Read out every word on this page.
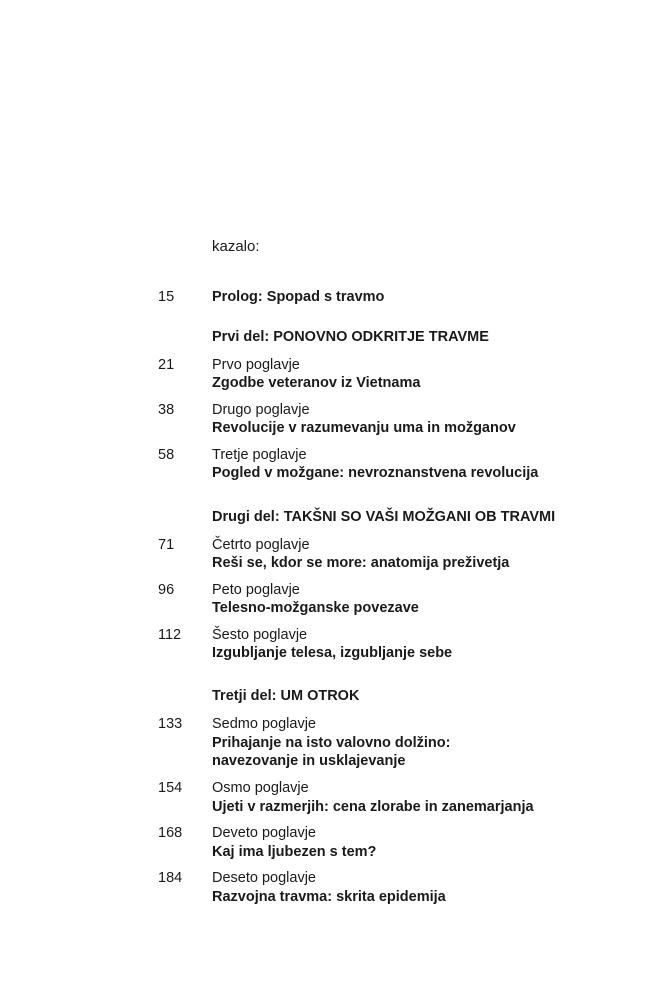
kazalo:
15	Prolog: Spopad s travmo
Prvi del: PONOVNO ODKRITJE TRAVME
21	Prvo poglavje
Zgodbe veteranov iz Vietnama
38	Drugo poglavje
Revolucije v razumevanju uma in možganov
58	Tretje poglavje
Pogled v možgane: nevroznanstvena revolucija
Drugi del: TAKŠNI SO VAŠI MOŽGANI OB TRAVMI
71	Četrto poglavje
Reši se, kdor se more: anatomija preživetja
96	Peto poglavje
Telesno-možganske povezave
112 Šesto poglavje
Izgubljanje telesa, izgubljanje sebe
Tretji del: UM OTROK
133 Sedmo poglavje
Prihajanje na isto valovno dolžino:
navezovanje in usklajevanje
154 Osmo poglavje
Ujeti v razmerjih: cena zlorabe in zanemarjanja
168 Deveto poglavje
Kaj ima ljubezen s tem?
184 Deseto poglavje
Razvojna travma: skrita epidemija
